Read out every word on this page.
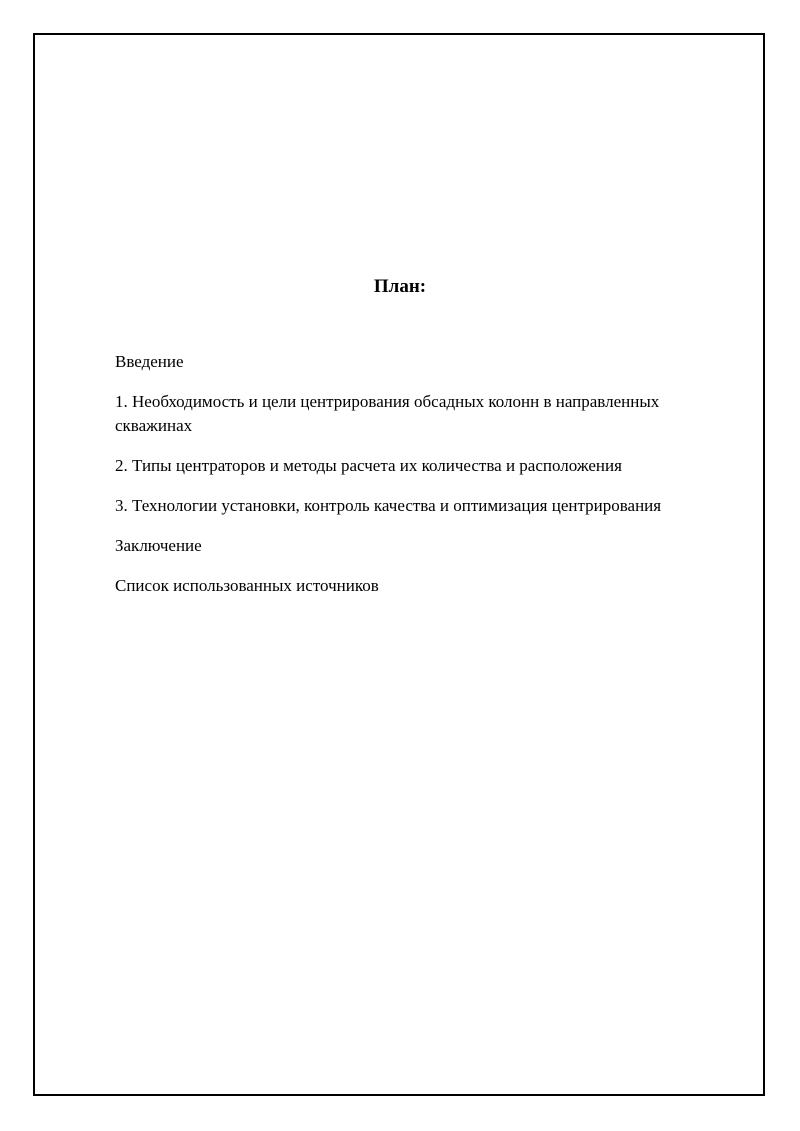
План:
Введение
1. Необходимость и цели центрирования обсадных колонн в направленных скважинах
2. Типы центраторов и методы расчета их количества и расположения
3. Технологии установки, контроль качества и оптимизация центрирования
Заключение
Список использованных источников
